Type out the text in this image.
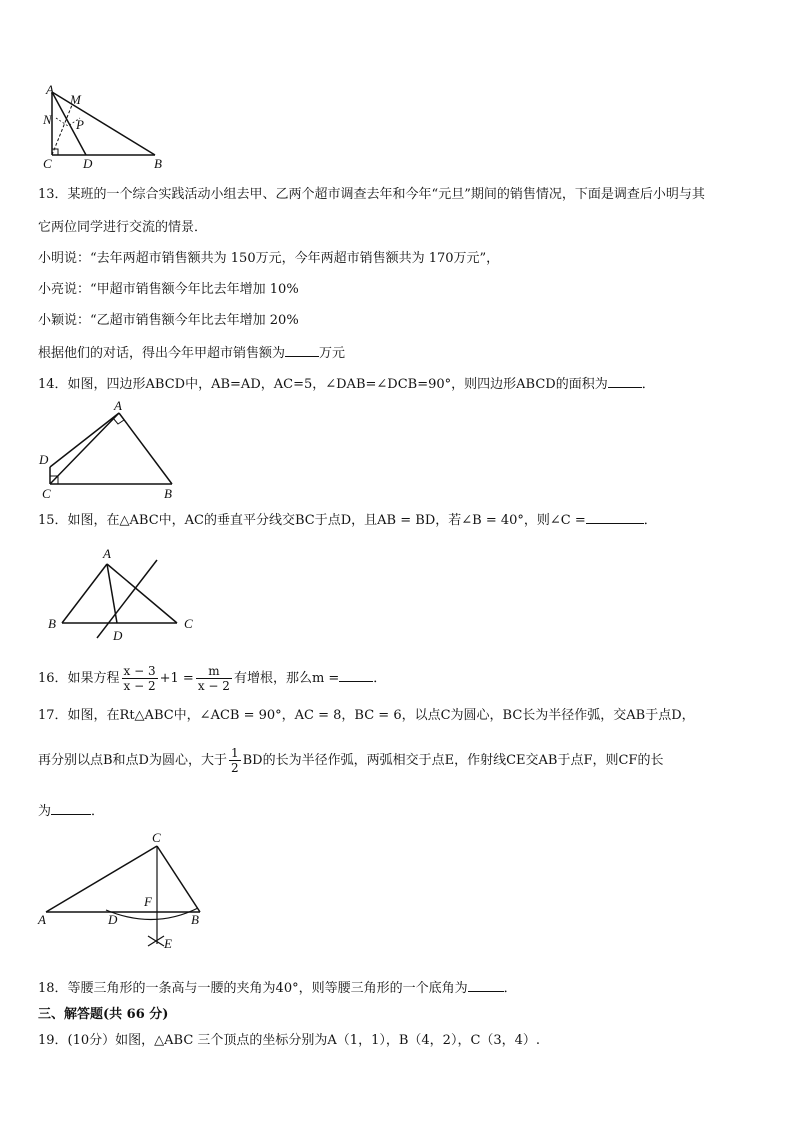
A
M
N P
C D	B
13．某班的一个综合实践活动小组去甲、乙两个超市调查去年和今年“元旦”期间的销售情况，下面是调查后小明与其
它两位同学进行交流的情景．
小明说：“去年两超市销售额共为 150万元，今年两超市销售额共为 170万元”，
小亮说：“甲超市销售额今年比去年增加 10%
小颖说：“乙超市销售额今年比去年增加 20%
根据他们的对话，得出今年甲超市销售额为	万元
14．如图，四边形ABCD中，AB=AD，AC=5，∠DAB=∠DCB=90°，则四边形ABCD的面积为	．
A
D
C	B
15．如图，在△ABC中，AC的垂直平分线交BC于点D，且AB = BD，若∠B = 40°，则∠C =	．
A
B	C
D
16．如果方程 $\frac{x - 3}{x - 2} +1 = \frac{m}{x - 2}$ 有增根，那么m =	．
17．如图，在Rt△ABC中，∠ACB = 90°，AC = 8，BC = 6，以点C为圆心，BC长为半径作弧，交AB于点D，
再分别以点B和点D为圆心，大于 $\frac{1}{2}$ BD的长为半径作弧，两弧相交于点E，作射线CE交AB于点F，则CF的长
为	．
C
F
A	D	B
E
18．等腰三角形的一条高与一腰的夹角为40°，则等腰三角形的一个底角为	．
三、解答题(共 66 分)
19．(10分）如图，△ABC 三个顶点的坐标分别为A（1，1），B（4，2），C（3，4）.
